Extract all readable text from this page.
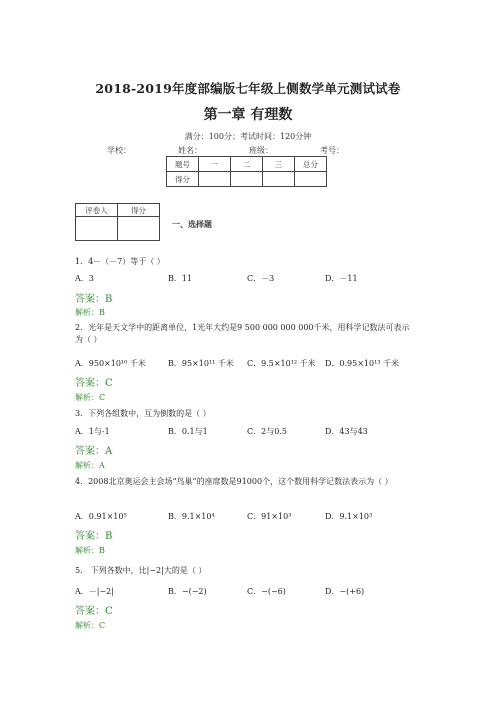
2018-2019年度部编版七年级上侧数学单元测试试卷
第一章 有理数
满分：100分；考试时间：120分钟
学校：	姓名：	班级：	考号：
题号	一	二	三	总分
得分				
评卷人	得分

一、选择题
1．4－（－7）等于（ ）
A．3	B．11	C．－3	D．－11
答案：B
解析：B
2．光年是天文学中的距离单位，1光年大约是9 500 000 000 000千米，用科学记数法可表示为（ ）
A．950×10¹⁰ 千米	B．95×10¹¹ 千米 C．9.5×10¹² 千米 D．0.95×10¹³ 千米
答案：C
解析：C
3．下列各组数中，互为倒数的是（ ）
A．1与-1	B．0.1与1	C．2与0.5	D．43与43
答案：A
解析：A
4．2008北京奥运会主会场“鸟巢”的座席数是91000个，这个数用科学记数法表示为（ ）
A．0.91×10⁵	B．9.1×10⁴	C．91×10³	D．9.1×10³
答案：B
解析：B
5． 下列各数中，比|−2|大的是（ ）
A．－|−2|	B．−(−2)	C．−(−6)	D．−(+6)
答案：C
解析：C
